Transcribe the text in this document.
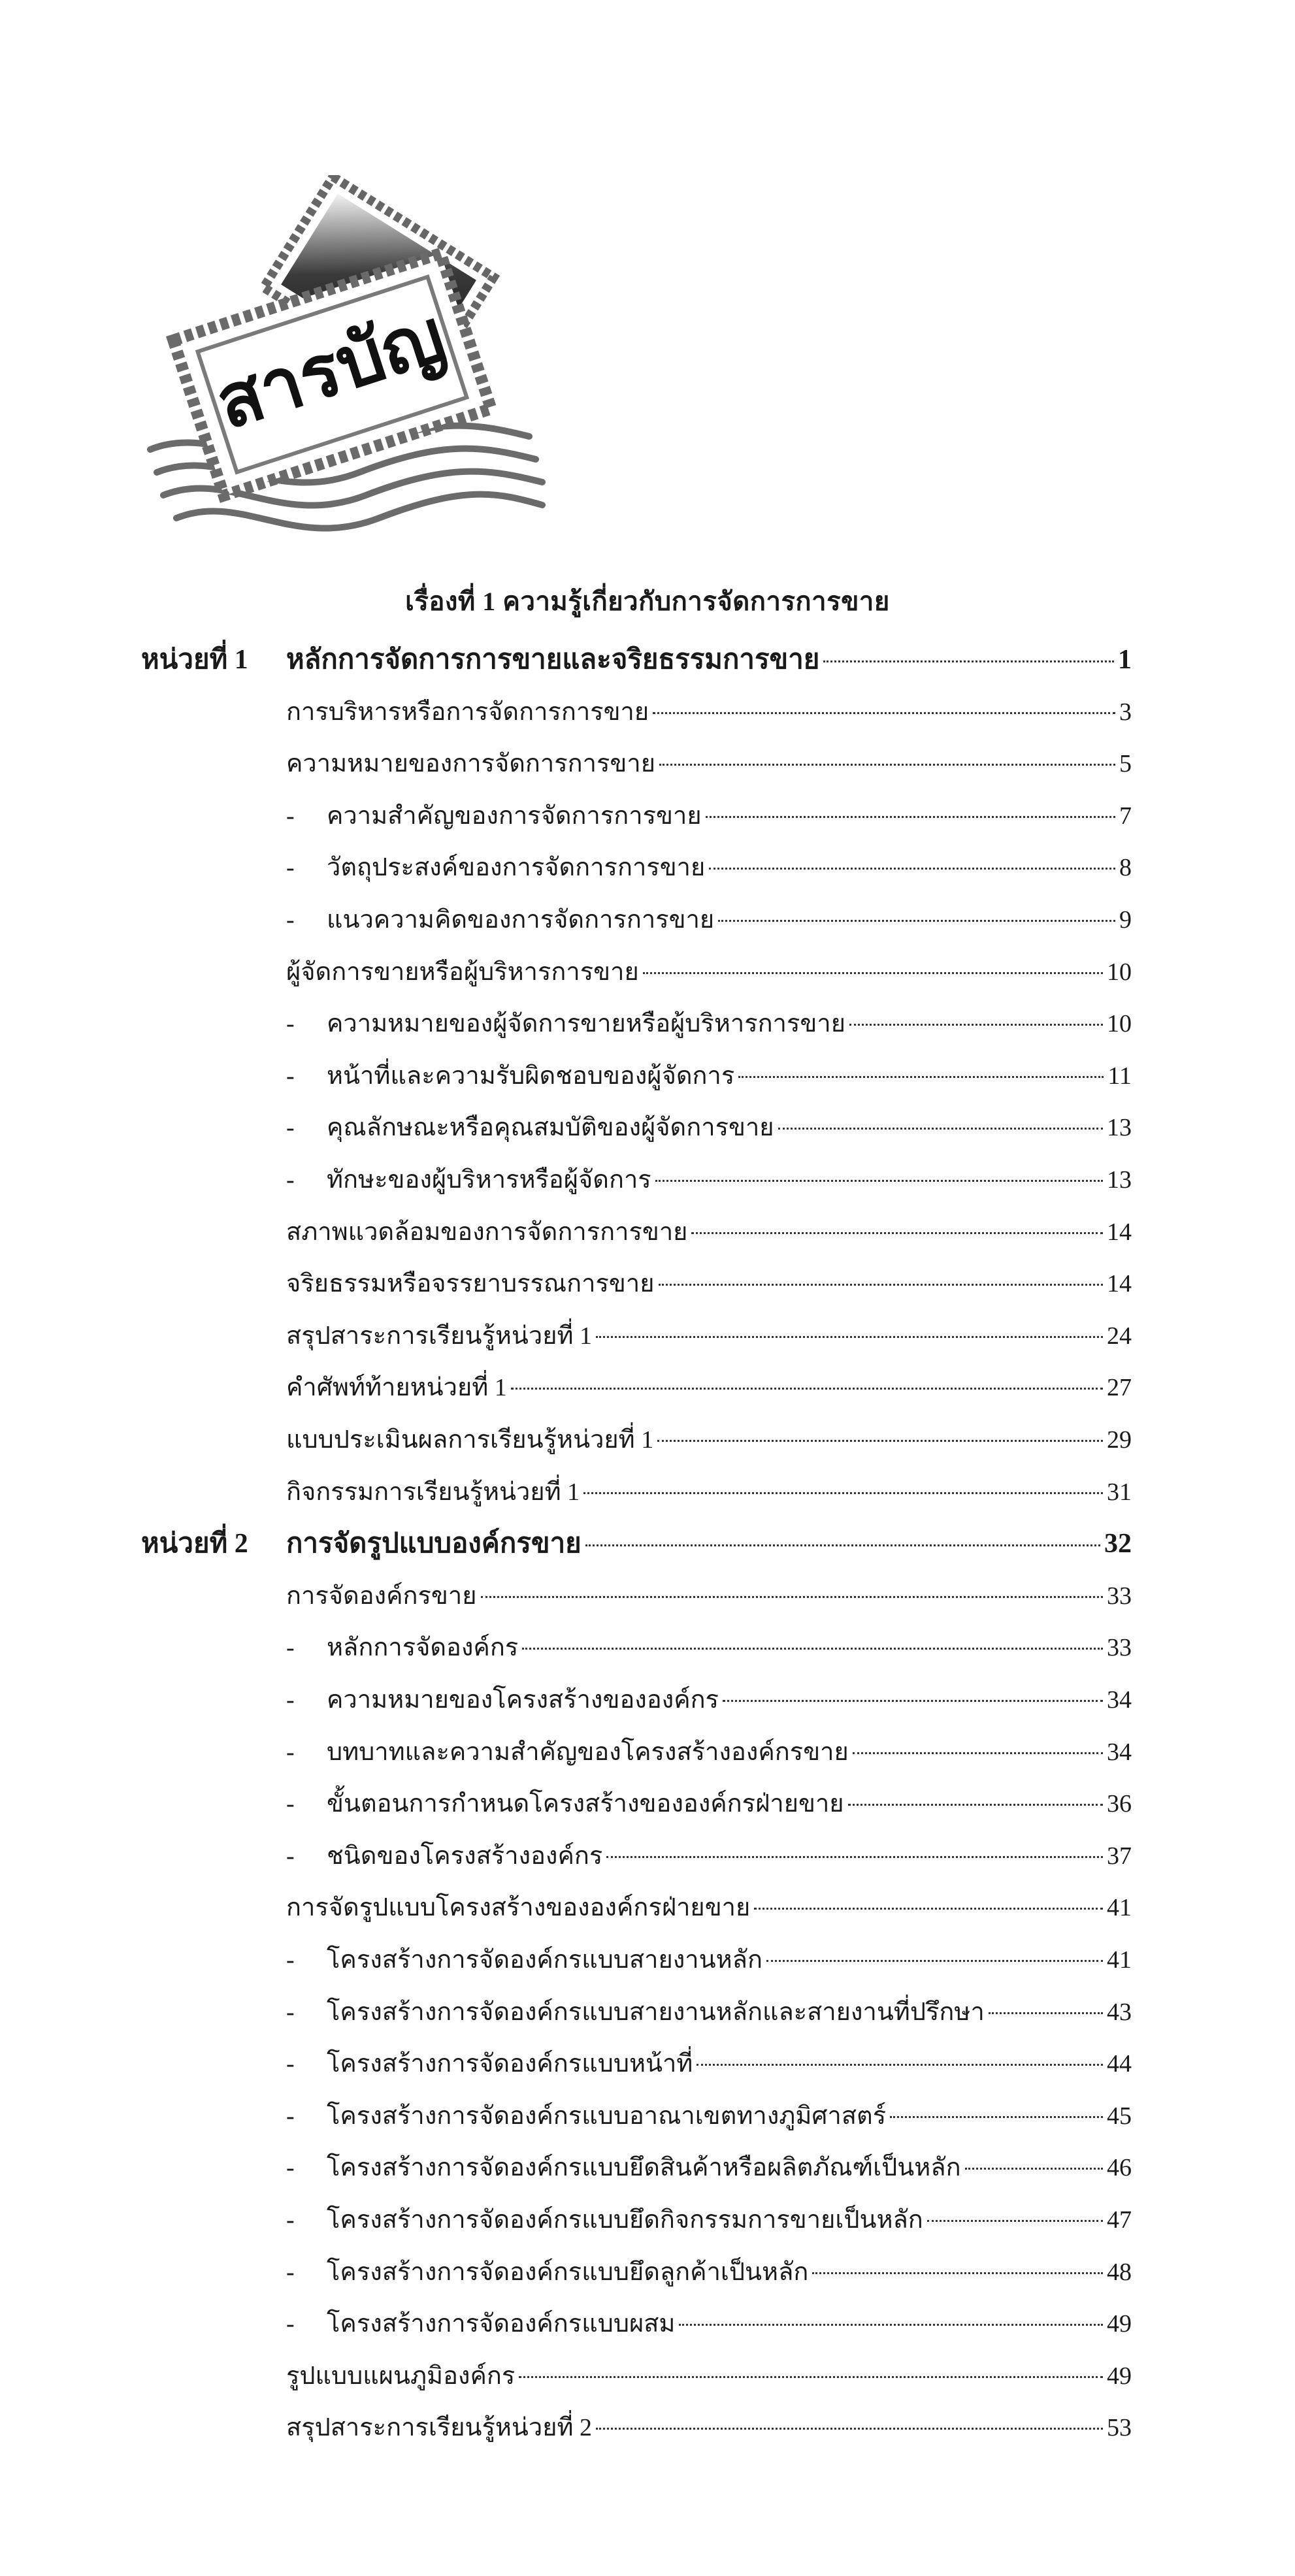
สารบัญ
เรื่องที่ 1 ความรู้เกี่ยวกับการจัดการการขาย
หน่วยที่ 1 หลักการจัดการการขายและจริยธรรมการขาย	1
การบริหารหรือการจัดการการขาย	3
ความหมายของการจัดการการขาย	5
-	ความสำคัญของการจัดการการขาย	7
-	วัตถุประสงค์ของการจัดการการขาย	8
-	แนวความคิดของการจัดการการขาย	9
ผู้จัดการขายหรือผู้บริหารการขาย	10
-	ความหมายของผู้จัดการขายหรือผู้บริหารการขาย	10
-	หน้าที่และความรับผิดชอบของผู้จัดการ	11
-	คุณลักษณะหรือคุณสมบัติของผู้จัดการขาย	13
-	ทักษะของผู้บริหารหรือผู้จัดการ	13
สภาพแวดล้อมของการจัดการการขาย	14
จริยธรรมหรือจรรยาบรรณการขาย	14
สรุปสาระการเรียนรู้หน่วยที่ 1	24
คำศัพท์ท้ายหน่วยที่ 1	27
แบบประเมินผลการเรียนรู้หน่วยที่ 1	29
กิจกรรมการเรียนรู้หน่วยที่ 1	31
หน่วยที่ 2 การจัดรูปแบบองค์กรขาย	32
การจัดองค์กรขาย	33
-	หลักการจัดองค์กร	33
-	ความหมายของโครงสร้างขององค์กร	34
-	บทบาทและความสำคัญของโครงสร้างองค์กรขาย	34
-	ขั้นตอนการกำหนดโครงสร้างขององค์กรฝ่ายขาย	36
-	ชนิดของโครงสร้างองค์กร	37
การจัดรูปแบบโครงสร้างขององค์กรฝ่ายขาย	41
-	โครงสร้างการจัดองค์กรแบบสายงานหลัก	41
-	โครงสร้างการจัดองค์กรแบบสายงานหลักและสายงานที่ปรึกษา	43
-	โครงสร้างการจัดองค์กรแบบหน้าที่	44
-	โครงสร้างการจัดองค์กรแบบอาณาเขตทางภูมิศาสตร์	45
-	โครงสร้างการจัดองค์กรแบบยึดสินค้าหรือผลิตภัณฑ์เป็นหลัก	46
-	โครงสร้างการจัดองค์กรแบบยึดกิจกรรมการขายเป็นหลัก	47
-	โครงสร้างการจัดองค์กรแบบยึดลูกค้าเป็นหลัก	48
-	โครงสร้างการจัดองค์กรแบบผสม	49
รูปแบบแผนภูมิองค์กร	49
สรุปสาระการเรียนรู้หน่วยที่ 2	53
